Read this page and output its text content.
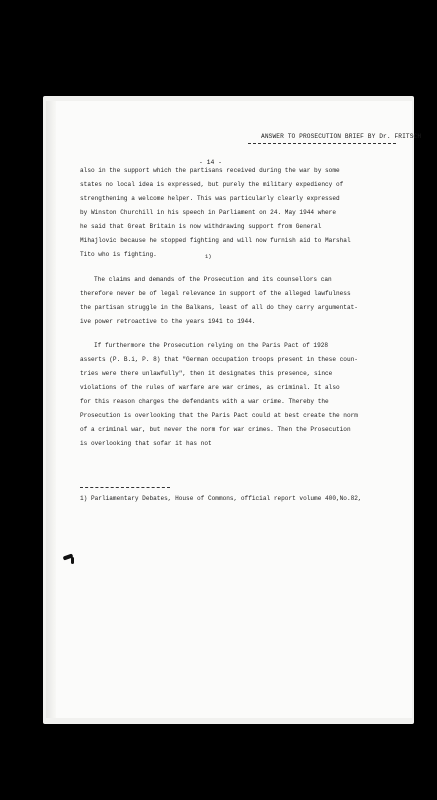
ANSWER TO PROSECUTION BRIEF BY Dr. FRITSCH
- 14 -
also in the support which the partisans received during the war by some
states no local idea is expressed, but purely the military expediency of
strengthening a welcome helper. This was particularly clearly expressed
by Winston Churchill in his speech in Parliament on 24. May 1944 where
he said that Great Britain is now withdrawing support from General
Mihajlovic because he stopped fighting and will now furnish aid to Marshal
Tito who is fighting.	1)
The claims and demands of the Prosecution and its counsellors can
therefore never be of legal relevance in support of the alleged lawfulness
the partisan struggle in the Balkans, least of all do they carry argumentat-
ive power retroactive to the years 1941 to 1944.
If furthermore the Prosecution relying on the Paris Pact of 1928
asserts (P. B.i, P. 8) that "German occupation troops present in these coun-
tries were there unlawfully", then it designates this presence, since
violations of the rules of warfare are war crimes, as criminal. It also
for this reason charges the defendants with a war crime. Thereby the
Prosecution is overlooking that the Paris Pact could at best create the norm
of a criminal war, but never the norm for war crimes. Then the Prosecution
is overlooking that sofar it has not
1) Parliamentary Debates, House of Commons, official report volume 400,No.82,
